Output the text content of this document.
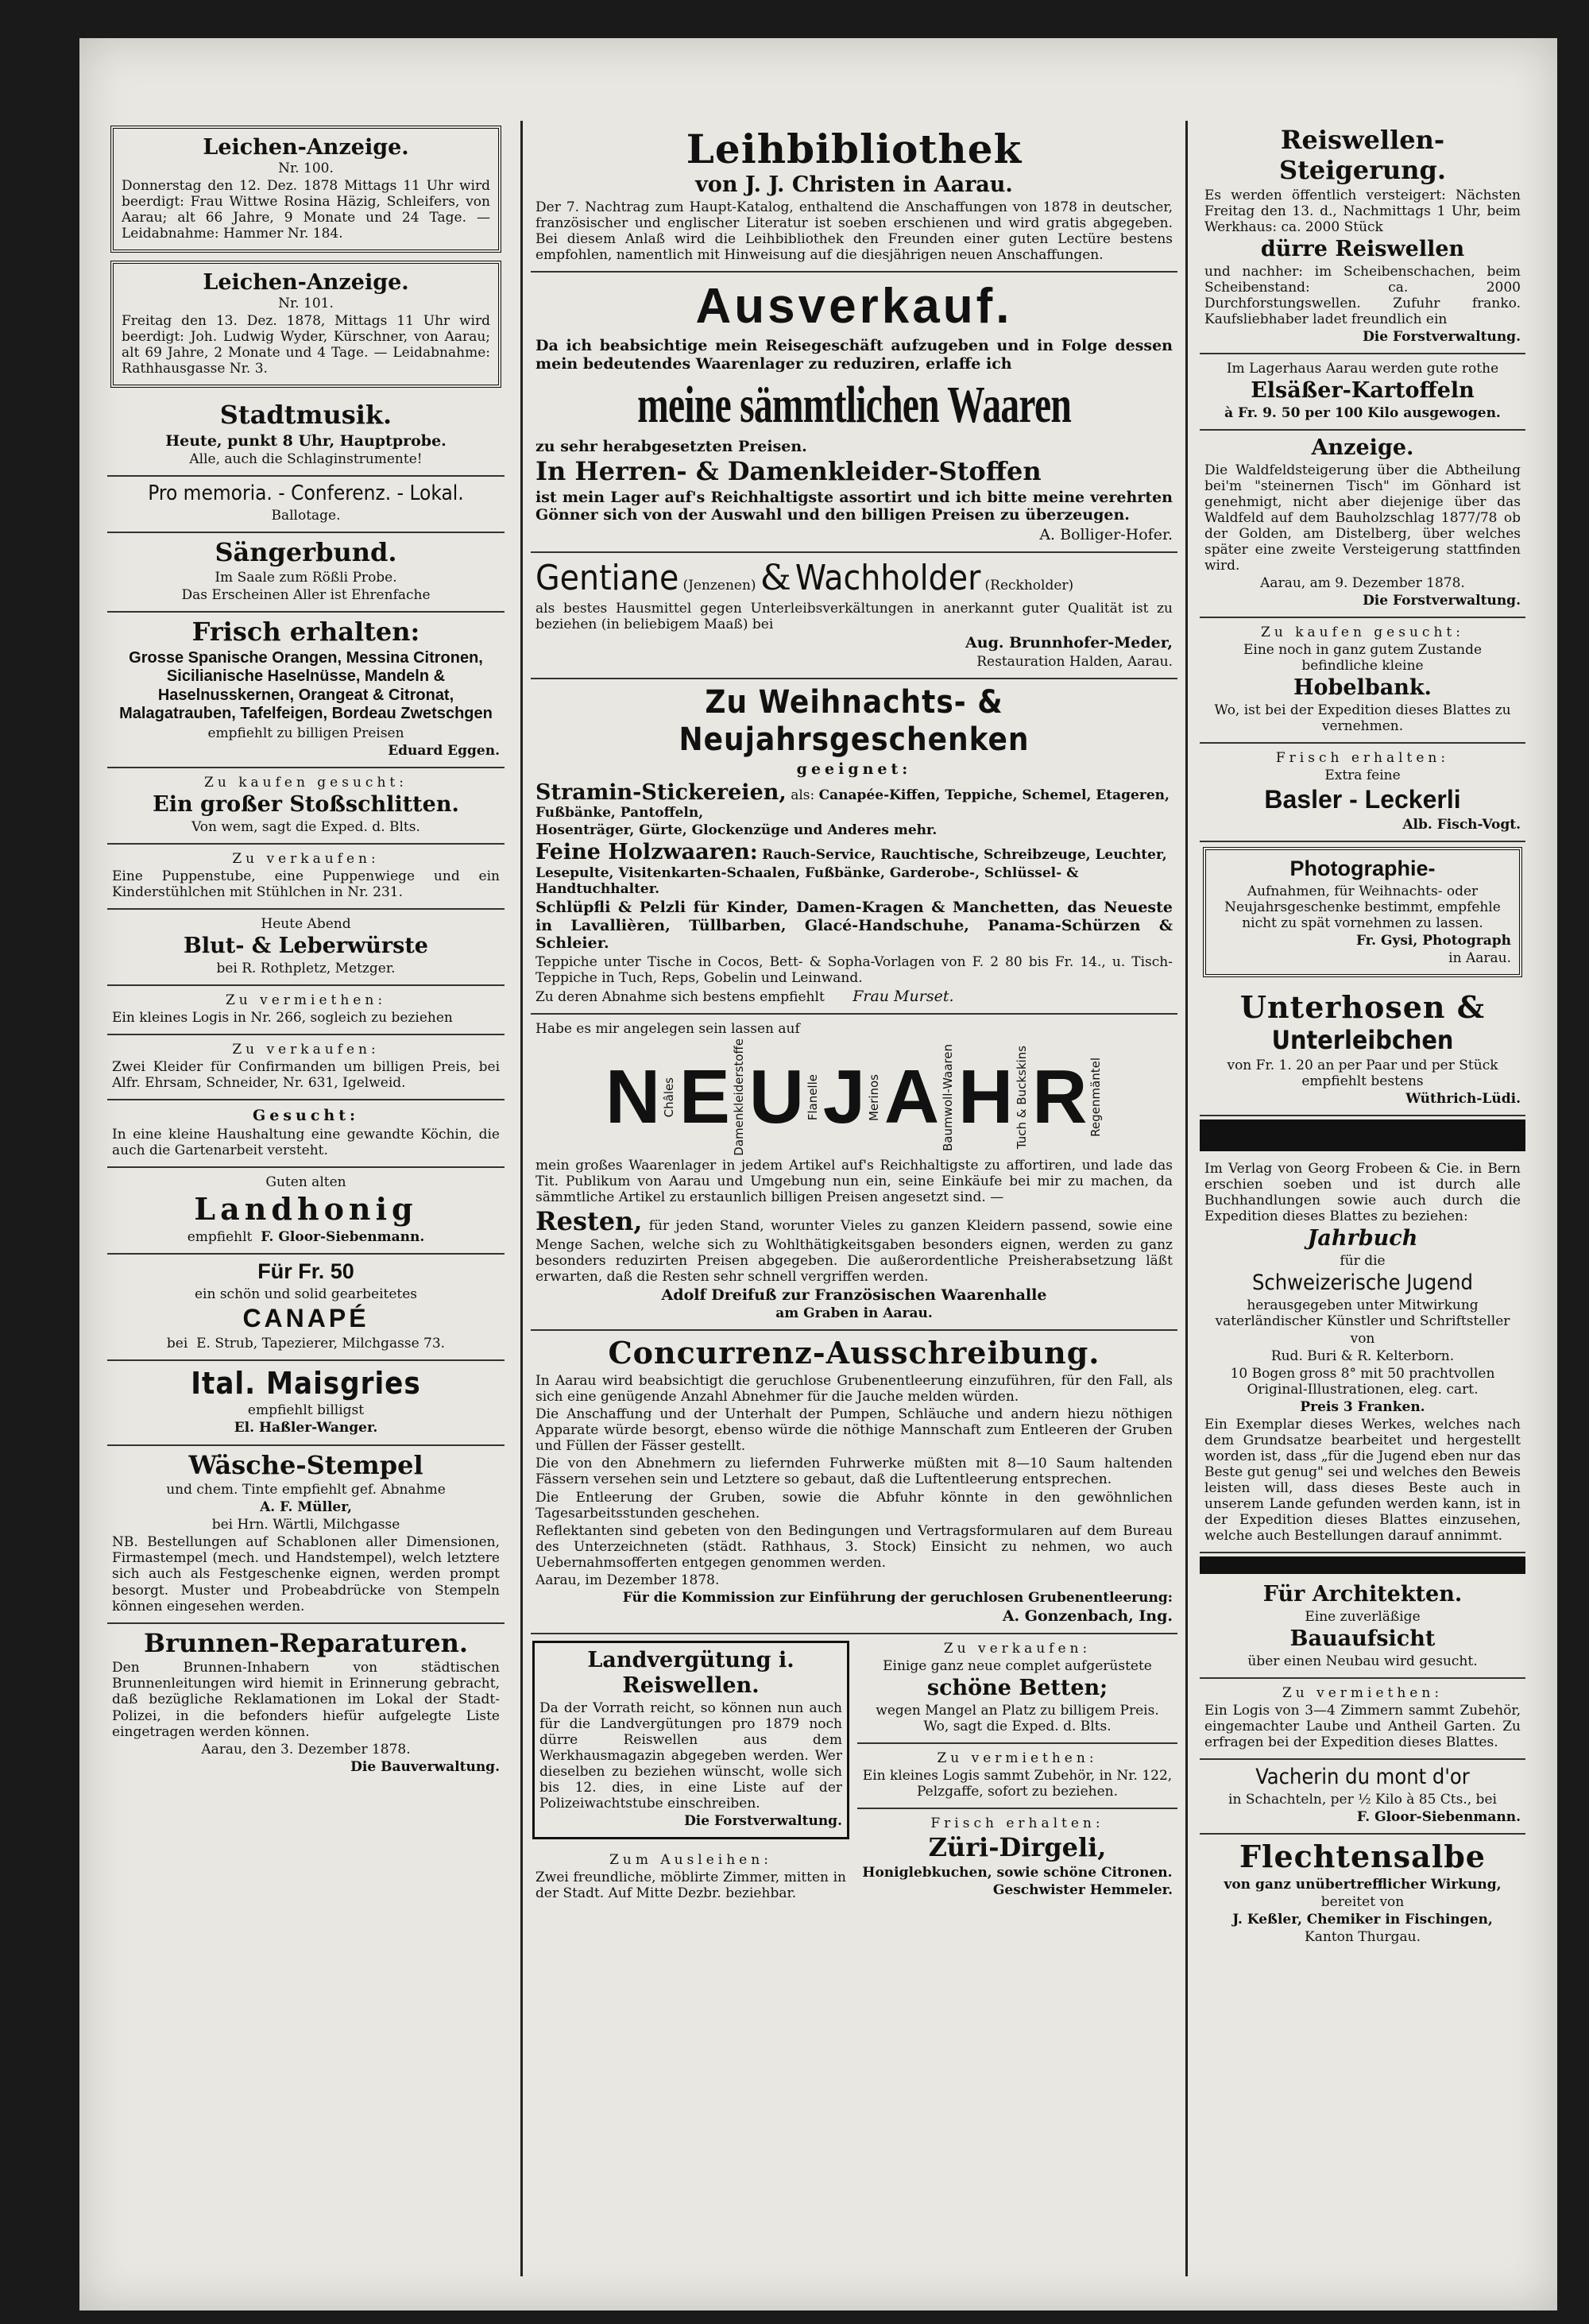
Leichen-Anzeige.
Nr. 100.

Donnerstag den 12. Dez. 1878 Mittags 11 Uhr wird beerdigt: Frau Wittwe Rosina Häzig, Schleifers, von Aarau; alt 66 Jahre, 9 Monate und 24 Tage. — Leidabnahme: Hammer Nr. 184.

Leichen-Anzeige.
Nr. 101.

Freitag den 13. Dez. 1878, Mittags 11 Uhr wird beerdigt: Joh. Ludwig Wyder, Kürschner, von Aarau; alt 69 Jahre, 2 Monate und 4 Tage. — Leidabnahme: Rathhausgasse Nr. 3.

Stadtmusik.

Heute, punkt 8 Uhr, Hauptprobe.

Alle, auch die Schlaginstrumente!

Pro memoria. - Conferenz. - Lokal.

Ballotage.

Sängerbund.

Im Saale zum Rößli Probe.

Das Erscheinen Aller ist Ehrenfache

Frisch erhalten:

Grosse Spanische Orangen, Messina Citronen, Sicilianische Haselnüsse, Mandeln & Haselnusskernen, Orangeat & Citronat, Malagatrauben, Tafelfeigen, Bordeau Zwetschgen

empfiehlt zu billigen Preisen

Eduard Eggen.

Zu kaufen gesucht:

Ein großer Stoßschlitten.

Von wem, sagt die Exped. d. Blts.

Zu verkaufen:

Eine Puppenstube, eine Puppenwiege und ein Kinderstühlchen mit Stühlchen in Nr. 231.

Heute Abend

Blut- & Leberwürste

bei R. Rothpletz, Metzger.

Zu vermiethen:

Ein kleines Logis in Nr. 266, sogleich zu beziehen

Zu verkaufen:

Zwei Kleider für Confirmanden um billigen Preis, bei Alfr. Ehrsam, Schneider, Nr. 631, Igelweid.

Gesucht:

In eine kleine Haushaltung eine gewandte Köchin, die auch die Gartenarbeit versteht.

Guten alten

Landhonig

empfiehlt F. Gloor-Siebenmann.

Für Fr. 50

ein schön und solid gearbeitetes

CANAPÉ

bei E. Strub, Tapezierer, Milchgasse 73.

Ital. Maisgries

empfiehlt billigst

El. Haßler-Wanger.

Wäsche-Stempel

und chem. Tinte empfiehlt gef. Abnahme

A. F. Müller,

bei Hrn. Wärtli, Milchgasse

NB. Bestellungen auf Schablonen aller Dimensionen, Firmastempel (mech. und Handstempel), welch letztere sich auch als Festgeschenke eignen, werden prompt besorgt. Muster und Probeabdrücke von Stempeln können eingesehen werden.

Brunnen-Reparaturen.

Den Brunnen-Inhabern von städtischen Brunnenleitungen wird hiemit in Erinnerung gebracht, daß bezügliche Reklamationen im Lokal der Stadt-Polizei, in die befonders hiefür aufgelegte Liste eingetragen werden können.

Aarau, den 3. Dezember 1878.

Die Bauverwaltung.

Leihbibliothek
von J. J. Christen in Aarau.

Der 7. Nachtrag zum Haupt-Katalog, enthaltend die Anschaffungen von 1878 in deutscher, französischer und englischer Literatur ist soeben erschienen und wird gratis abgegeben. Bei diesem Anlaß wird die Leihbibliothek den Freunden einer guten Lectüre bestens empfohlen, namentlich mit Hinweisung auf die diesjährigen neuen Anschaffungen.

Ausverkauf.

Da ich beabsichtige mein Reisegeschäft aufzugeben und in Folge dessen mein bedeutendes Waarenlager zu reduziren, erlaffe ich

meine sämmtlichen Waaren

zu sehr herabgesetzten Preisen.

In Herren- & Damenkleider-Stoffen

ist mein Lager auf's Reichhaltigste assortirt und ich bitte meine verehrten Gönner sich von der Auswahl und den billigen Preisen zu überzeugen.

A. Bolliger-Hofer.

Gentiane (Jenzenen) & Wachholder (Reckholder)

als bestes Hausmittel gegen Unterleibsverkältungen in anerkannt guter Qualität ist zu beziehen (in beliebigem Maaß) bei

Aug. Brunnhofer-Meder,

Restauration Halden, Aarau.

Zu Weihnachts- & Neujahrsgeschenken

geeignet:

Stramin-Stickereien, als: Canapée-Kiffen, Teppiche, Schemel, Etageren, Fußbänke, Pantoffeln,

Hosenträger, Gürte, Glockenzüge und Anderes mehr.

Feine Holzwaaren: Rauch-Service, Rauchtische, Schreibzeuge, Leuchter, Lesepulte, Visitenkarten-Schaalen, Fußbänke, Garderobe-, Schlüssel- & Handtuchhalter.

Schlüpfli & Pelzli für Kinder, Damen-Kragen & Manchetten, das Neueste in Lavallièren, Tüllbarben, Glacé-Handschuhe, Panama-Schürzen & Schleier.

Teppiche unter Tische in Cocos, Bett- & Sopha-Vorlagen von F. 2 80 bis Fr. 14., u. Tisch-Teppiche in Tuch, Reps, Gobelin und Leinwand.

Zu deren Abnahme sich bestens empfiehlt Frau Murset.

Habe es mir angelegen sein lassen auf

N Châles E Damenkleiderstoffe U Flanelle J Merinos A Baumwoll-Waaren H Tuch & Buckskins R Regenmäntel

mein großes Waarenlager in jedem Artikel auf's Reichhaltigste zu affortiren, und lade das Tit. Publikum von Aarau und Umgebung nun ein, seine Einkäufe bei mir zu machen, da sämmtliche Artikel zu erstaunlich billigen Preisen angesetzt sind. —

Resten, für jeden Stand, worunter Vieles zu ganzen Kleidern passend, sowie eine Menge Sachen, welche sich zu Wohlthätigkeitsgaben besonders eignen, werden zu ganz besonders reduzirten Preisen abgegeben. Die außerordentliche Preisherabsetzung läßt erwarten, daß die Resten sehr schnell vergriffen werden.

Adolf Dreifuß zur Französischen Waarenhalle

am Graben in Aarau.

Concurrenz-Ausschreibung.

In Aarau wird beabsichtigt die geruchlose Grubenentleerung einzuführen, für den Fall, als sich eine genügende Anzahl Abnehmer für die Jauche melden würden.

Die Anschaffung und der Unterhalt der Pumpen, Schläuche und andern hiezu nöthigen Apparate würde besorgt, ebenso würde die nöthige Mannschaft zum Entleeren der Gruben und Füllen der Fässer gestellt.

Die von den Abnehmern zu liefernden Fuhrwerke müßten mit 8—10 Saum haltenden Fässern versehen sein und Letztere so gebaut, daß die Luftentleerung entsprechen.

Die Entleerung der Gruben, sowie die Abfuhr könnte in den gewöhnlichen Tagesarbeitsstunden geschehen.

Reflektanten sind gebeten von den Bedingungen und Vertragsformularen auf dem Bureau des Unterzeichneten (städt. Rathhaus, 3. Stock) Einsicht zu nehmen, wo auch Uebernahmsofferten entgegen genommen werden.

Aarau, im Dezember 1878.

Für die Kommission zur Einführung der geruchlosen Grubenentleerung:

A. Gonzenbach, Ing.

Landvergütung i. Reiswellen.

Da der Vorrath reicht, so können nun auch für die Landvergütungen pro 1879 noch dürre Reiswellen aus dem Werkhausmagazin abgegeben werden. Wer dieselben zu beziehen wünscht, wolle sich bis 12. dies, in eine Liste auf der Polizeiwachtstube einschreiben.

Die Forstverwaltung.

Zum Ausleihen:

Zwei freundliche, möblirte Zimmer, mitten in der Stadt. Auf Mitte Dezbr. beziehbar.

Zu verkaufen:

Einige ganz neue complet aufgerüstete

schöne Betten;

wegen Mangel an Platz zu billigem Preis. Wo, sagt die Exped. d. Blts.

Zu vermiethen:

Ein kleines Logis sammt Zubehör, in Nr. 122, Pelzgaffe, sofort zu beziehen.

Frisch erhalten:

Züri-Dirgeli,

Honiglebkuchen, sowie schöne Citronen.

Geschwister Hemmeler.

Reiswellen-Steigerung.

Es werden öffentlich versteigert: Nächsten Freitag den 13. d., Nachmittags 1 Uhr, beim Werkhaus: ca. 2000 Stück

dürre Reiswellen

und nachher: im Scheibenschachen, beim Scheibenstand: ca. 2000 Durchforstungswellen. Zufuhr franko. Kaufsliebhaber ladet freundlich ein

Die Forstverwaltung.

Im Lagerhaus Aarau werden gute rothe

Elsäßer-Kartoffeln

à Fr. 9. 50 per 100 Kilo ausgewogen.

Anzeige.

Die Waldfeldsteigerung über die Abtheilung bei'm "steinernen Tisch" im Gönhard ist genehmigt, nicht aber diejenige über das Waldfeld auf dem Bauholzschlag 1877/78 ob der Golden, am Distelberg, über welches später eine zweite Versteigerung stattfinden wird.

Aarau, am 9. Dezember 1878.

Die Forstverwaltung.

Zu kaufen gesucht:

Eine noch in ganz gutem Zustande befindliche kleine

Hobelbank.

Wo, ist bei der Expedition dieses Blattes zu vernehmen.

Frisch erhalten:

Extra feine

Basler - Leckerli

Alb. Fisch-Vogt.

Photographie-

Aufnahmen, für Weihnachts- oder Neujahrsgeschenke bestimmt, empfehle nicht zu spät vornehmen zu lassen.

Fr. Gysi, Photograph

in Aarau.

Unterhosen &
Unterleibchen

von Fr. 1. 20 an per Paar und per Stück empfiehlt bestens

Wüthrich-Lüdi.

Im Verlag von Georg Frobeen & Cie. in Bern erschien soeben und ist durch alle Buchhandlungen sowie auch durch die Expedition dieses Blattes zu beziehen:

Jahrbuch

für die

Schweizerische Jugend

herausgegeben unter Mitwirkung vaterländischer Künstler und Schriftsteller

von

Rud. Buri & R. Kelterborn.

10 Bogen gross 8° mit 50 prachtvollen Original-Illustrationen, eleg. cart.

Preis 3 Franken.

Ein Exemplar dieses Werkes, welches nach dem Grundsatze bearbeitet und hergestellt worden ist, dass „für die Jugend eben nur das Beste gut genug" sei und welches den Beweis leisten will, dass dieses Beste auch in unserem Lande gefunden werden kann, ist in der Expedition dieses Blattes einzusehen, welche auch Bestellungen darauf annimmt.

Für Architekten.

Eine zuverläßige

Bauaufsicht

über einen Neubau wird gesucht.

Zu vermiethen:

Ein Logis von 3—4 Zimmern sammt Zubehör, eingemachter Laube und Antheil Garten. Zu erfragen bei der Expedition dieses Blattes.

Vacherin du mont d'or

in Schachteln, per ½ Kilo à 85 Cts., bei

F. Gloor-Siebenmann.

Flechtensalbe

von ganz unübertrefflicher Wirkung,

bereitet von

J. Keßler, Chemiker in Fischingen,

Kanton Thurgau.
